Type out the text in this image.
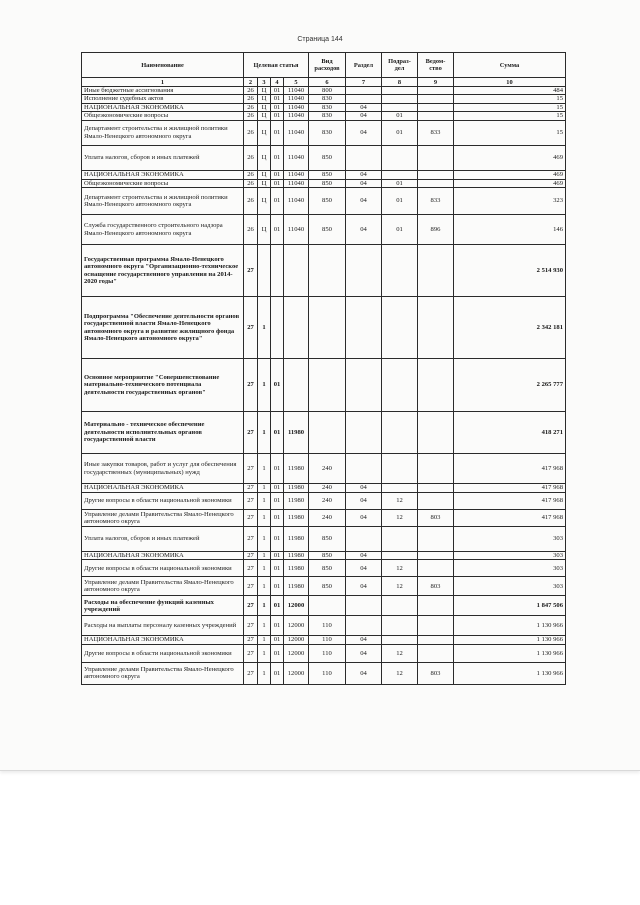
Страница 144
Наименование	Целевая статья				Вид расходов	Раздел	Подраз- дел	Ведом- ство	Сумма
1	2	3	4	5	6	7	8	9	10
Иные бюджетные ассигнования	26	Ц	01	11040	800				484
Исполнение судебных актов	26	Ц	01	11040	830				15
НАЦИОНАЛЬНАЯ ЭКОНОМИКА	26	Ц	01	11040	830	04			15
Общеэкономические вопросы	26	Ц	01	11040	830	04	01		15
Департамент строительства и жилищной политики Ямало-Ненецкого автономного округа	26	Ц	01	11040	830	04	01	833	15
Уплата налогов, сборов и иных платежей	26	Ц	01	11040	850				469
НАЦИОНАЛЬНАЯ ЭКОНОМИКА	26	Ц	01	11040	850	04			469
Общеэкономические вопросы	26	Ц	01	11040	850	04	01		469
Департамент строительства и жилищной политики Ямало-Ненецкого автономного округа	26	Ц	01	11040	850	04	01	833	323
Служба государственного строительного надзора Ямало-Ненецкого автономного округа	26	Ц	01	11040	850	04	01	896	146
Государственная программа Ямало-Ненецкого автономного округа "Организационно-техническое оснащение государственного управления на 2014-2020 годы"	27								2 514 930
Подпрограмма "Обеспечение деятельности органов государственной власти Ямало-Ненецкого автономного округа и развитие жилищного фонда Ямало-Ненецкого автономного округа"	27	1							2 342 181
Основное мероприятие "Совершенствование материально-технического потенциала деятельности государственных органов"	27	1	01						2 265 777
Материально - техническое обеспечение деятельности исполнительных органов государственной власти	27	1	01	11980					418 271
Иные закупки товаров, работ и услуг для обеспечения государственных (муниципальных) нужд	27	1	01	11980	240				417 968
НАЦИОНАЛЬНАЯ ЭКОНОМИКА	27	1	01	11980	240	04			417 968
Другие вопросы в области национальной экономики	27	1	01	11980	240	04	12		417 968
Управление делами Правительства Ямало-Ненецкого автономного округа	27	1	01	11980	240	04	12	803	417 968
Уплата налогов, сборов и иных платежей	27	1	01	11980	850				303
НАЦИОНАЛЬНАЯ ЭКОНОМИКА	27	1	01	11980	850	04			303
Другие вопросы в области национальной экономики	27	1	01	11980	850	04	12		303
Управление делами Правительства Ямало-Ненецкого автономного округа	27	1	01	11980	850	04	12	803	303
Расходы на обеспечение функций казенных учреждений	27	1	01	12000					1 847 506
Расходы на выплаты персоналу казенных учреждений	27	1	01	12000	110				1 130 966
НАЦИОНАЛЬНАЯ ЭКОНОМИКА	27	1	01	12000	110	04			1 130 966
Другие вопросы в области национальной экономики	27	1	01	12000	110	04	12		1 130 966
Управление делами Правительства Ямало-Ненецкого автономного округа	27	1	01	12000	110	04	12	803	1 130 966
